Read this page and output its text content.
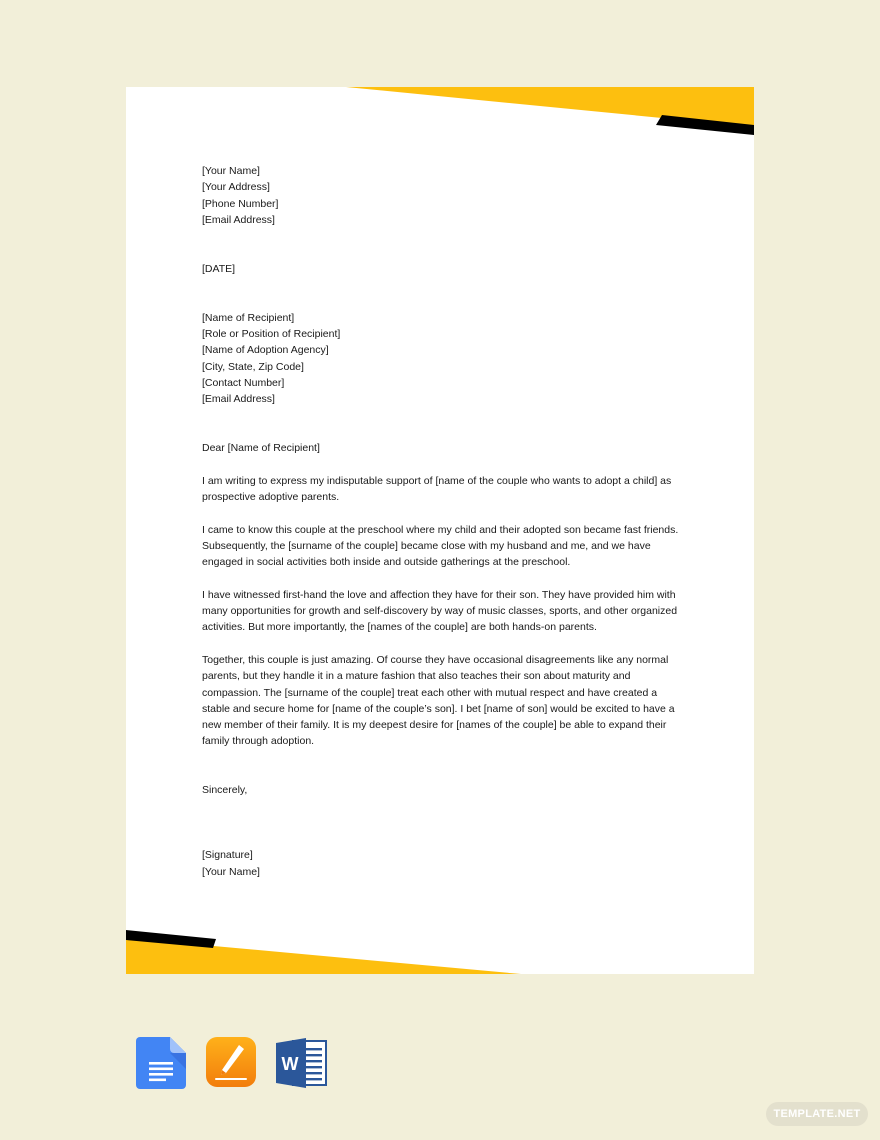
[Your Name]
[Your Address]
[Phone Number]
[Email Address]
[DATE]
[Name of Recipient]
[Role or Position of Recipient]
[Name of Adoption Agency]
[City, State, Zip Code]
[Contact Number]
[Email Address]
Dear [Name of Recipient]
I am writing to express my indisputable support of [name of the couple who wants to adopt a child] as prospective adoptive parents.
I came to know this couple at the preschool where my child and their adopted son became fast friends. Subsequently, the [surname of the couple] became close with my husband and me, and we have engaged in social activities both inside and outside gatherings at the preschool.
I have witnessed first-hand the love and affection they have for their son. They have provided him with many opportunities for growth and self-discovery by way of music classes, sports, and other organized activities. But more importantly, the [names of the couple] are both hands-on parents.
Together, this couple is just amazing. Of course they have occasional disagreements like any normal parents, but they handle it in a mature fashion that also teaches their son about maturity and compassion. The [surname of the couple] treat each other with mutual respect and have created a stable and secure home for [name of the couple’s son]. I bet [name of son] would be excited to have a new member of their family. It is my deepest desire for [names of the couple] be able to expand their family through adoption.
Sincerely,
[Signature]
[Your Name]
W
TEMPLATE.NET
